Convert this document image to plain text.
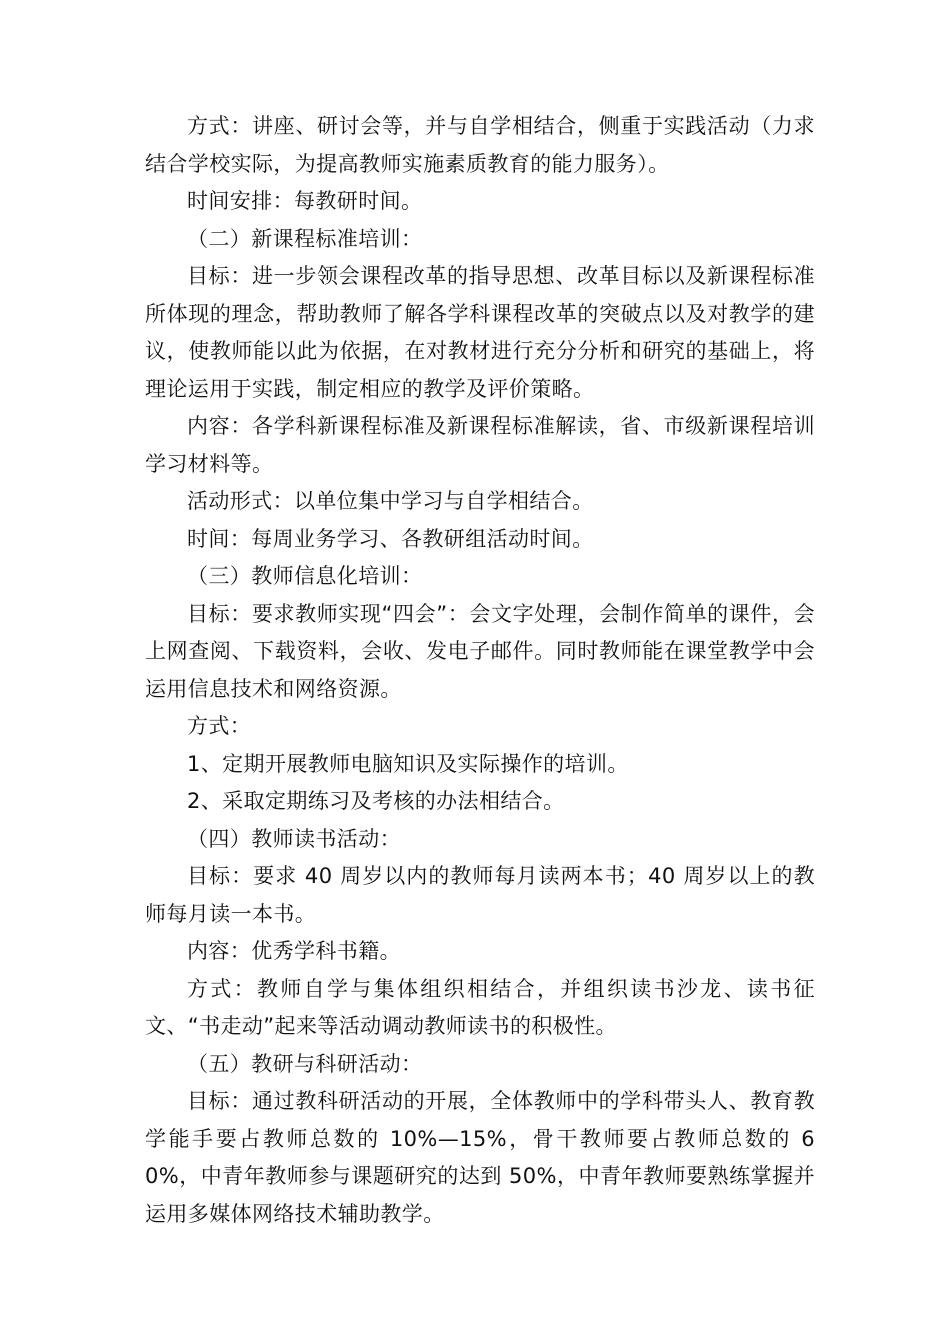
方式：讲座、研讨会等，并与自学相结合，侧重于实践活动（力求结合学校实际，为提高教师实施素质教育的能力服务）。

时间安排：每教研时间。

（二）新课程标准培训：

目标：进一步领会课程改革的指导思想、改革目标以及新课程标准所体现的理念，帮助教师了解各学科课程改革的突破点以及对教学的建议，使教师能以此为依据，在对教材进行充分分析和研究的基础上，将理论运用于实践，制定相应的教学及评价策略。

内容：各学科新课程标准及新课程标准解读，省、市级新课程培训学习材料等。

活动形式：以单位集中学习与自学相结合。

时间：每周业务学习、各教研组活动时间。

（三）教师信息化培训：

目标：要求教师实现“四会”：会文字处理，会制作简单的课件，会上网查阅、下载资料，会收、发电子邮件。同时教师能在课堂教学中会运用信息技术和网络资源。

方式：

1、定期开展教师电脑知识及实际操作的培训。

2、采取定期练习及考核的办法相结合。

（四）教师读书活动：

目标：要求 40 周岁以内的教师每月读两本书；40 周岁以上的教师每月读一本书。

内容：优秀学科书籍。

方式：教师自学与集体组织相结合，并组织读书沙龙、读书征文、“书走动”起来等活动调动教师读书的积极性。

（五）教研与科研活动：

目标：通过教科研活动的开展，全体教师中的学科带头人、教育教学能手要占教师总数的 10%—15%，骨干教师要占教师总数的 60%，中青年教师参与课题研究的达到 50%，中青年教师要熟练掌握并运用多媒体网络技术辅助教学。
